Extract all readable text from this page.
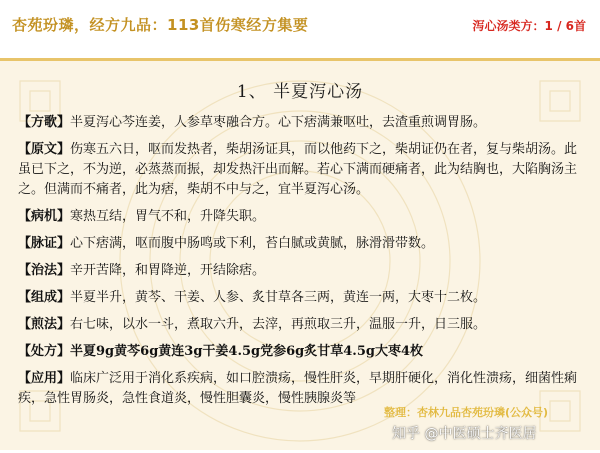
杏苑玢璘，经方九品：113首伤寒经方集要	泻心汤类方：1 / 6首
1、 半夏泻心汤

【方歌】半夏泻心芩连姜，人参草枣融合方。心下痞满兼呕吐，去渣重煎调胃肠。

【原文】伤寒五六日，呕而发热者，柴胡汤证具，而以他药下之，柴胡证仍在者，复与柴胡汤。此虽已下之，不为逆，必蒸蒸而振，却发热汗出而解。若心下满而硬痛者，此为结胸也，大陷胸汤主之。但满而不痛者，此为痞，柴胡不中与之，宜半夏泻心汤。

【病机】寒热互结，胃气不和，升降失职。

【脉证】心下痞满，呕而腹中肠鸣或下利，苔白腻或黄腻，脉滑滑带数。

【治法】辛开苦降，和胃降逆，开结除痞。

【组成】半夏半升，黄芩、干姜、人参、炙甘草各三两，黄连一两，大枣十二枚。

【煎法】右七味，以水一斗，煮取六升，去滓，再煎取三升，温服一升，日三服。

【处方】半夏9g黄芩6g黄连3g干姜4.5g党参6g炙甘草4.5g大枣4枚

【应用】临床广泛用于消化系疾病，如口腔溃疡，慢性肝炎，早期肝硬化，消化性溃疡，细菌性痢疾，急性胃肠炎，急性食道炎，慢性胆囊炎，慢性胰腺炎等

整理：杏林九品杏苑玢璘(公众号)
知乎 @中医硕士齐医居
